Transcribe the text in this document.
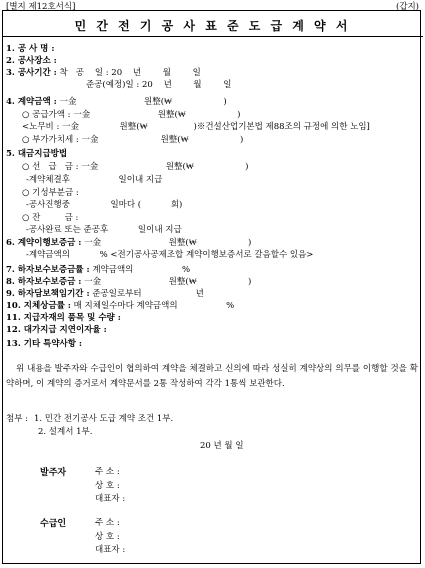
[별지 제12호서식]	(갑지)
민 간 전 기 공 사 표 준 도 급 계 약 서
1. 공 사 명 :
2. 공사장소 :
3. 공사기간 : 착   공    일 : 20    년        월        일
준공(예정)일 : 20    년        월        일
4. 계약금액 : 一金                         원整(₩                   )
○ 공급가액 : 一金                         원整(₩                   )
<노무비 : 一金               원整(₩                 )※건설산업기본법 제88조의 규정에 의한 노임]
○ 부가가치세 : 一金                       원整(₩                   )
5. 대금지급방법
○ 선   급   금 : 一金                         원整(₩                   )
-계약체결후                  일이내 지급
○ 기성부분금 :
-공사진행중               일마다 (           회)
○ 잔         금 :
-공사완료 또는 준공후           일이내 지급
6. 계약이행보증금 : 一金                         원整(₩                   )
-계약금액의           % <전기공사공제조합 계약이행보증서로 갈음할수 있음>
7. 하자보수보증금률 : 계약금액의                  %
8. 하자보수보증금 : 一金                         원整(₩                   )
9. 하자담보책임기간 : 준공일로부터                    년
10. 지체상금률 : 매 지체일수마다 계약금액의                  %
11. 지급자재의 품목 및 수량 :
12. 대가지급 지연이자율 :
13. 기타 특약사항 :
위 내용을 발주자와 수급인이 협의하여 계약을 체결하고 신의에 따라 성실히 계약상의 의무를 이행할 것을 확약하며, 이 계약의 증거로서 계약문서를 2통 작성하여 각각 1통씩 보관한다.
첨부 : 1. 민간 전기공사 도급 계약 조건 1부.
2. 설계서 1부.
20 년 월 일
발주자	주 소 :
상 호 :
대표자 :
수급인	주 소 :
상 호 :
대표자 :
